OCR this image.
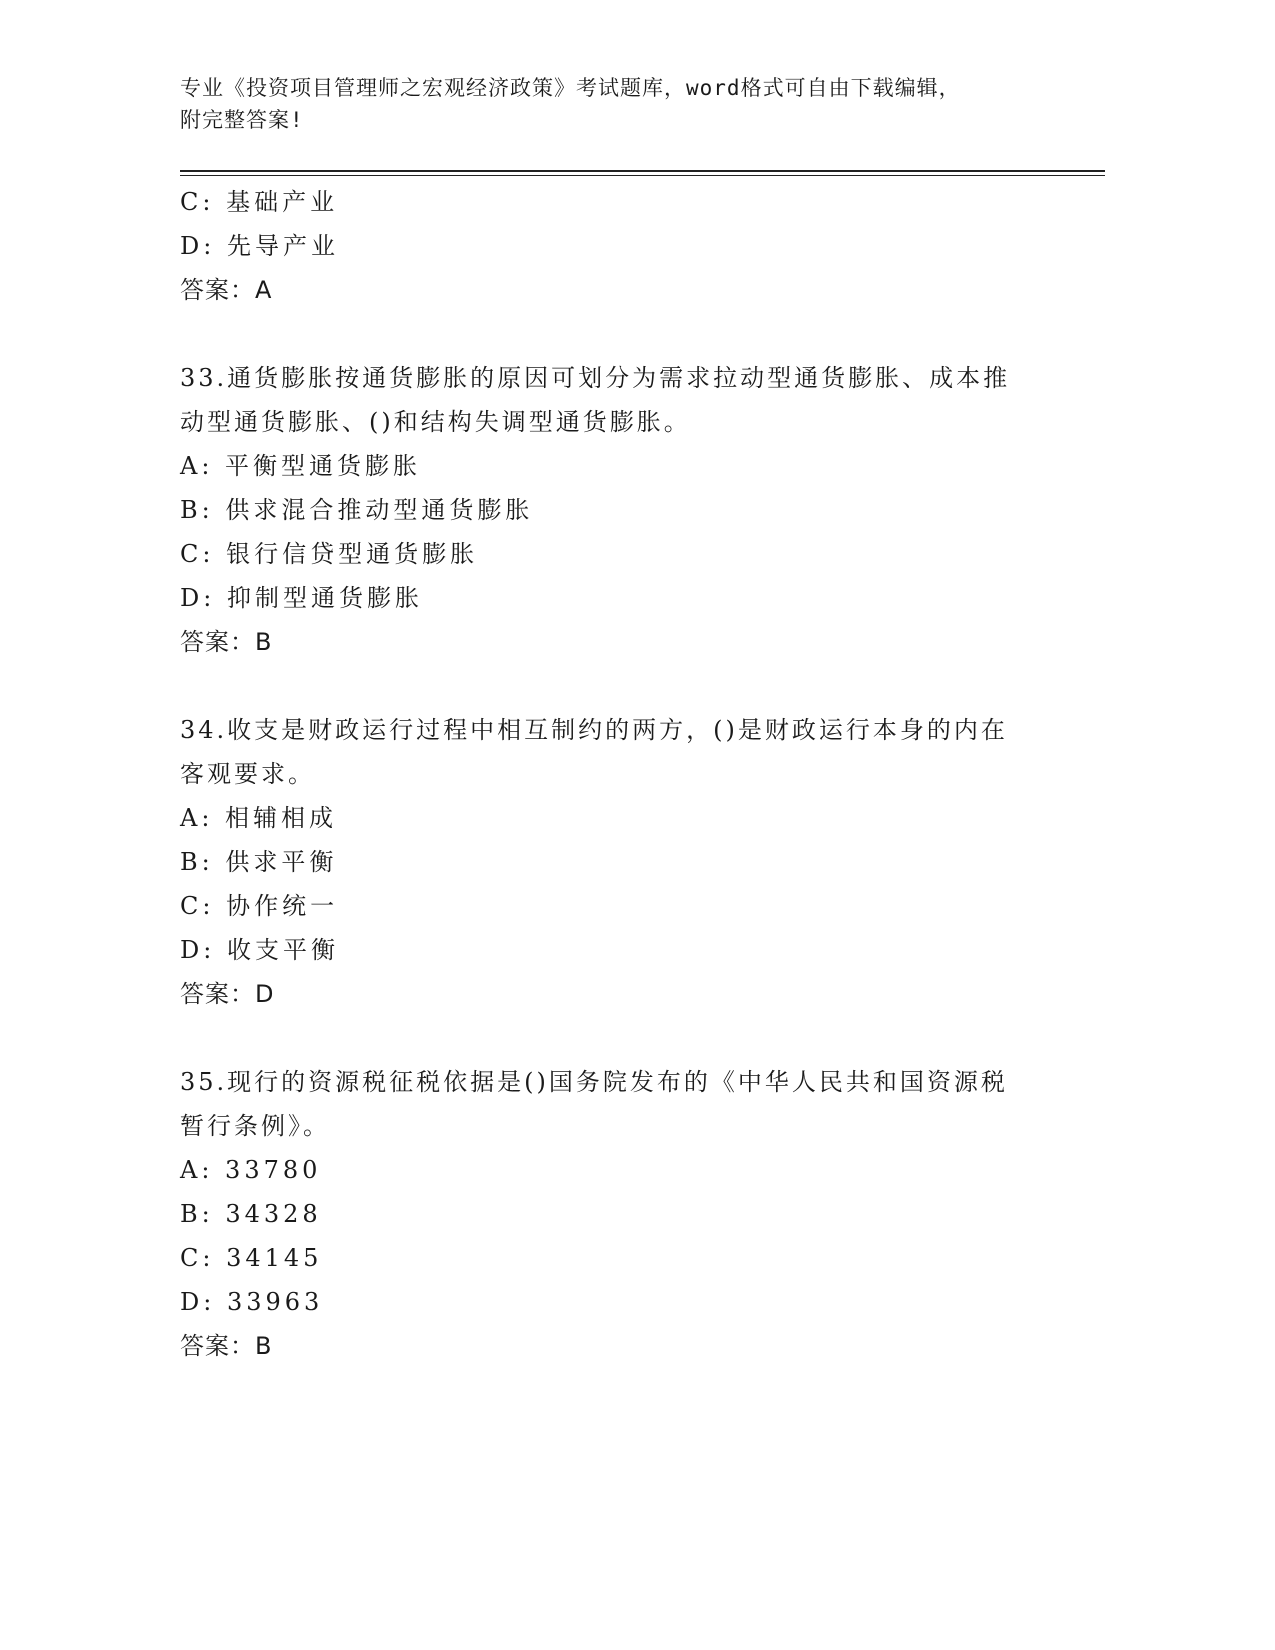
专业《投资项目管理师之宏观经济政策》考试题库，word格式可自由下载编辑，
附完整答案!
C: 基础产业
D: 先导产业
答案：A
33.通货膨胀按通货膨胀的原因可划分为需求拉动型通货膨胀、成本推
动型通货膨胀、()和结构失调型通货膨胀。
A: 平衡型通货膨胀
B: 供求混合推动型通货膨胀
C: 银行信贷型通货膨胀
D: 抑制型通货膨胀
答案：B
34.收支是财政运行过程中相互制约的两方，()是财政运行本身的内在
客观要求。
A: 相辅相成
B: 供求平衡
C: 协作统一
D: 收支平衡
答案：D
35.现行的资源税征税依据是()国务院发布的《中华人民共和国资源税
暂行条例》。
A: 33780
B: 34328
C: 34145
D: 33963
答案：B
